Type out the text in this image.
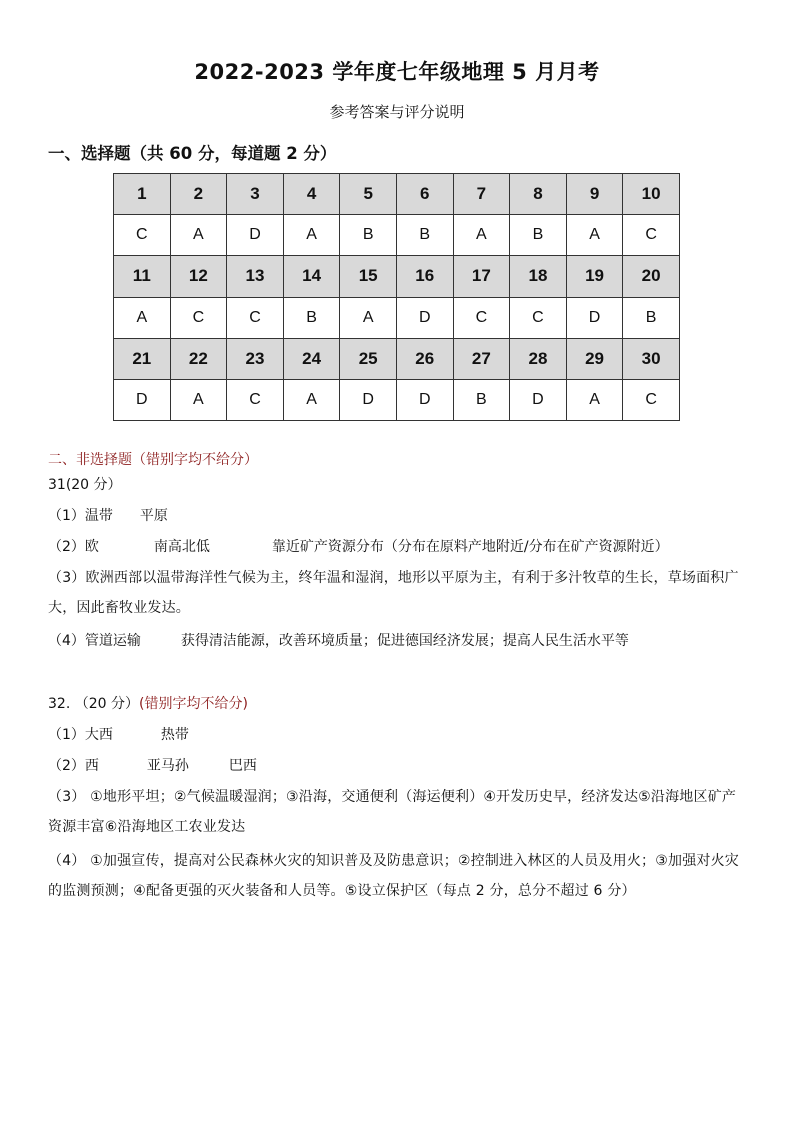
2022-2023 学年度七年级地理 5 月月考
参考答案与评分说明
一、选择题（共 60 分，每道题 2 分）
1	2	3	4	5	6	7	8	9	10
C	A	D	A	B	B	A	B	A	C
11	12	13	14	15	16	17	18	19	20
A	C	C	B	A	D	C	C	D	B
21	22	23	24	25	26	27	28	29	30
D	A	C	A	D	D	B	D	A	C
二、非选择题（错别字均不给分）
31(20 分）
（1）温带 平原
（2）欧	南高北低	靠近矿产资源分布（分布在原料产地附近/分布在矿产资源附近）
（3）欧洲西部以温带海洋性气候为主，终年温和湿润，地形以平原为主，有利于多汁牧草的生长，草场面积广大，因此畜牧业发达。
（4）管道运输	获得清洁能源，改善环境质量；促进德国经济发展；提高人民生活水平等
32. （20 分）(错别字均不给分)
（1）大西	热带
（2）西	亚马孙	巴西
（3） ①地形平坦；②气候温暖湿润；③沿海，交通便利（海运便利）④开发历史早，经济发达⑤沿海地区矿产资源丰富⑥沿海地区工农业发达
（4） ①加强宣传，提高对公民森林火灾的知识普及及防患意识；②控制进入林区的人员及用火；③加强对火灾的监测预测；④配备更强的灭火装备和人员等。⑤设立保护区（每点 2 分，总分不超过 6 分）
